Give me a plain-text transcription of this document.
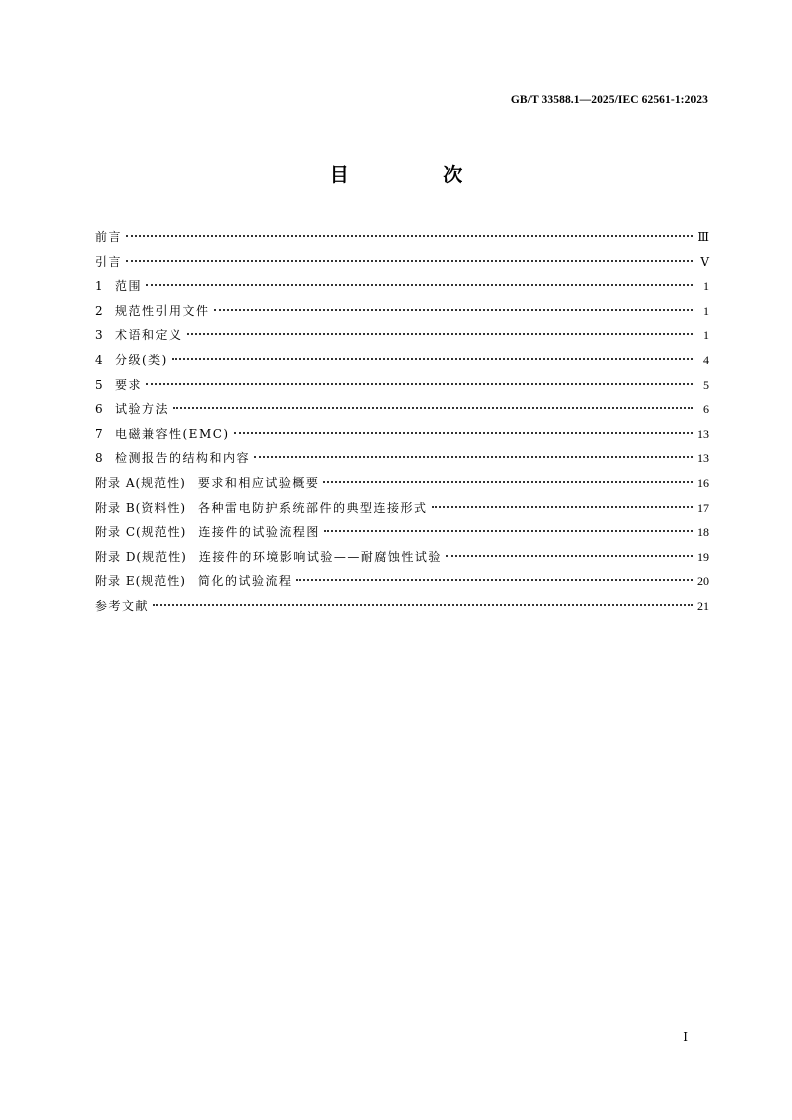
GB/T 33588.1—2025/IEC 62561-1:2023
目 次
前言	Ⅲ
引言	Ⅴ
1 范围	1
2 规范性引用文件	1
3 术语和定义	1
4 分级(类)	4
5 要求	5
6 试验方法	6
7 电磁兼容性(EMC)	13
8 检测报告的结构和内容	13
附录 A(规范性) 要求和相应试验概要	16
附录 B(资料性) 各种雷电防护系统部件的典型连接形式	17
附录 C(规范性) 连接件的试验流程图	18
附录 D(规范性) 连接件的环境影响试验——耐腐蚀性试验	19
附录 E(规范性) 简化的试验流程	20
参考文献	21
Ⅰ
